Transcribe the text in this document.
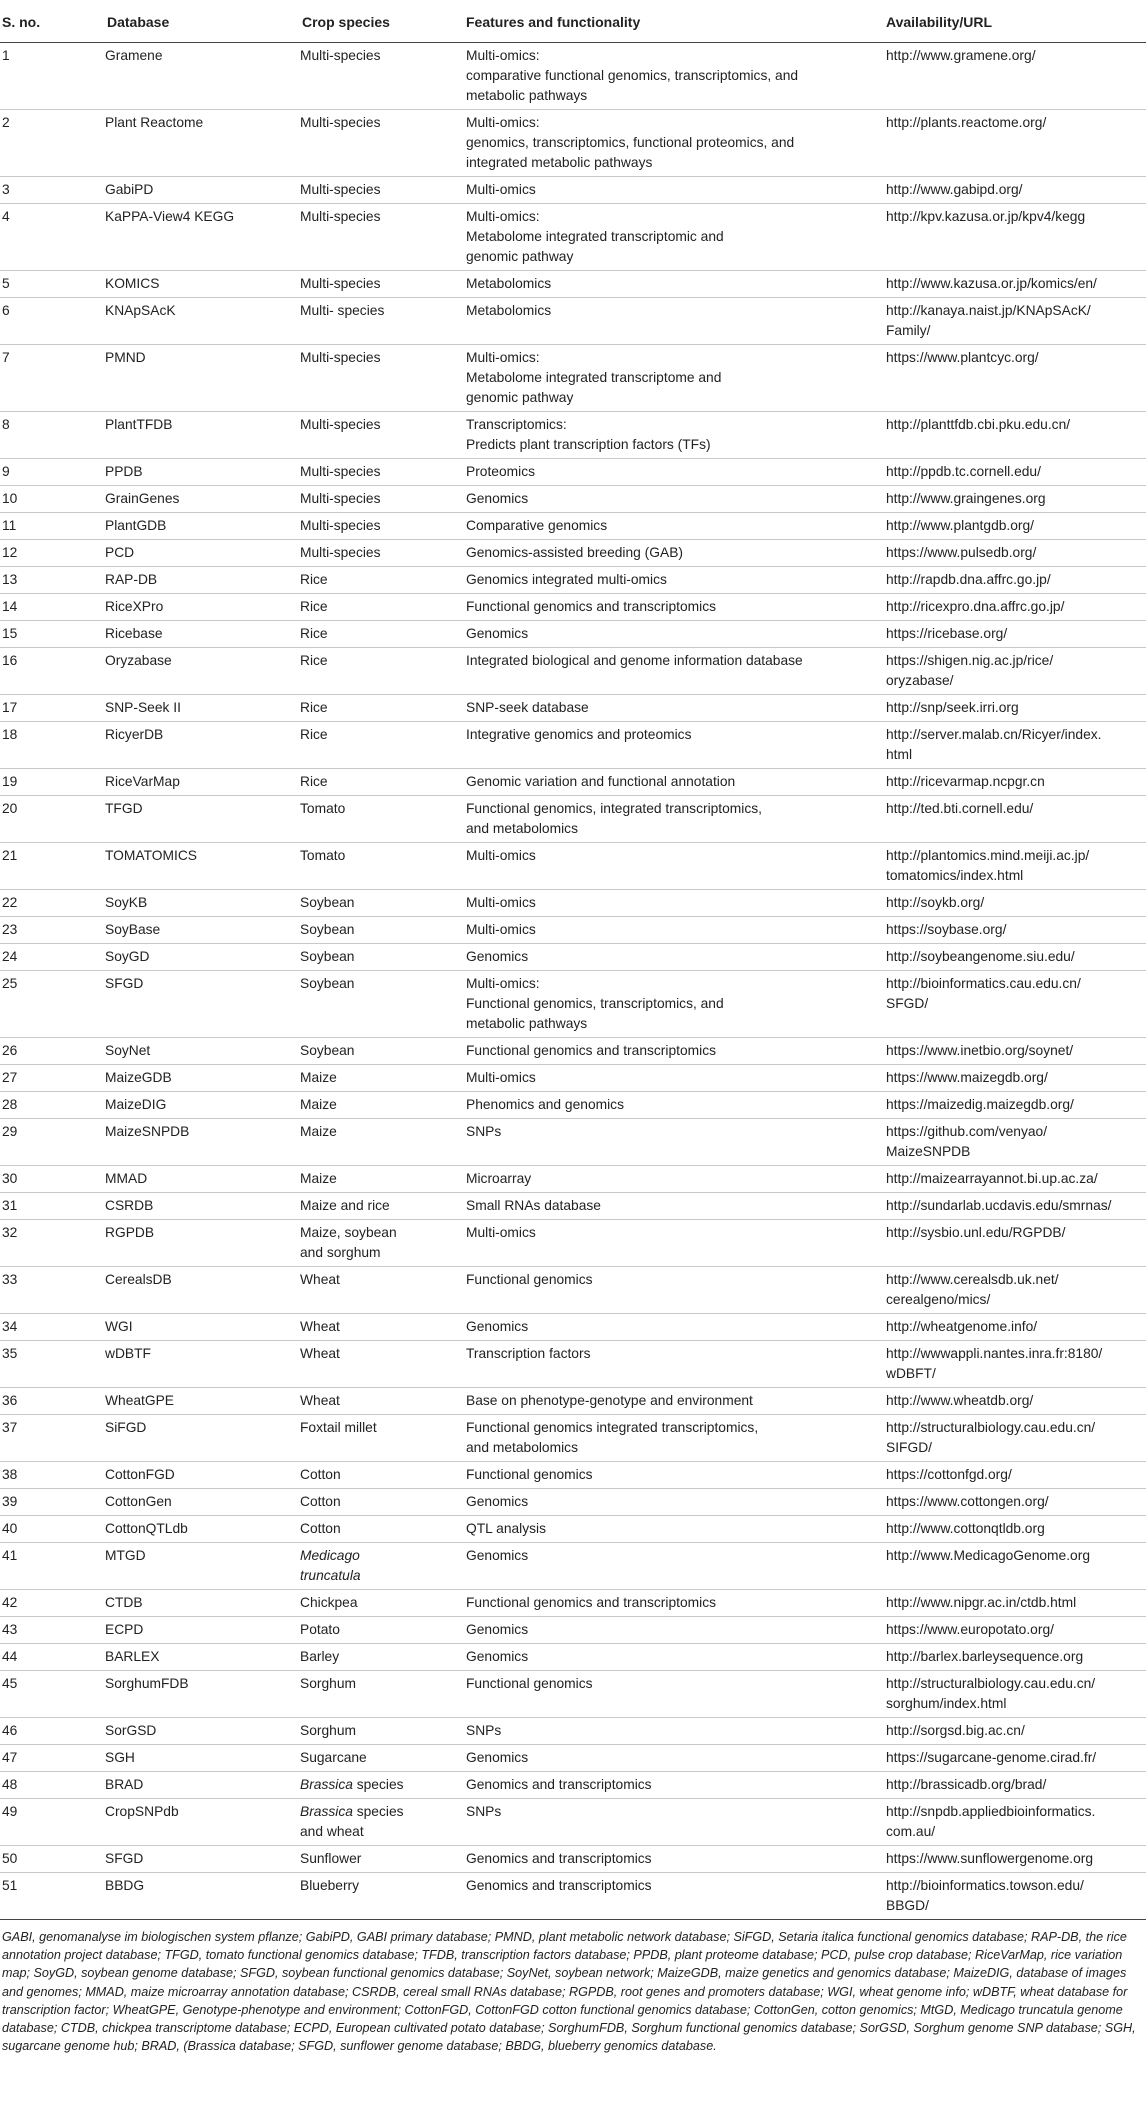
S. no.	Database	Crop species	Features and functionality	Availability/URL
1	Gramene	Multi-species	Multi-omics:
comparative functional genomics, transcriptomics, and
metabolic pathways	http://www.gramene.org/
2	Plant Reactome	Multi-species	Multi-omics:
genomics, transcriptomics, functional proteomics, and
integrated metabolic pathways	http://plants.reactome.org/
3	GabiPD	Multi-species	Multi-omics	http://www.gabipd.org/
4	KaPPA-View4 KEGG	Multi-species	Multi-omics:
Metabolome integrated transcriptomic and
genomic pathway	http://kpv.kazusa.or.jp/kpv4/kegg
5	KOMICS	Multi-species	Metabolomics	http://www.kazusa.or.jp/komics/en/
6	KNApSAcK	Multi- species	Metabolomics	http://kanaya.naist.jp/KNApSAcK/
Family/
7	PMND	Multi-species	Multi-omics:
Metabolome integrated transcriptome and
genomic pathway	https://www.plantcyc.org/
8	PlantTFDB	Multi-species	Transcriptomics:
Predicts plant transcription factors (TFs)	http://planttfdb.cbi.pku.edu.cn/
9	PPDB	Multi-species	Proteomics	http://ppdb.tc.cornell.edu/
10	GrainGenes	Multi-species	Genomics	http://www.graingenes.org
11	PlantGDB	Multi-species	Comparative genomics	http://www.plantgdb.org/
12	PCD	Multi-species	Genomics-assisted breeding (GAB)	https://www.pulsedb.org/
13	RAP-DB	Rice	Genomics integrated multi-omics	http://rapdb.dna.affrc.go.jp/
14	RiceXPro	Rice	Functional genomics and transcriptomics	http://ricexpro.dna.affrc.go.jp/
15	Ricebase	Rice	Genomics	https://ricebase.org/
16	Oryzabase	Rice	Integrated biological and genome information database	https://shigen.nig.ac.jp/rice/
oryzabase/
17	SNP-Seek II	Rice	SNP-seek database	http://snp/seek.irri.org
18	RicyerDB	Rice	Integrative genomics and proteomics	http://server.malab.cn/Ricyer/index.
html
19	RiceVarMap	Rice	Genomic variation and functional annotation	http://ricevarmap.ncpgr.cn
20	TFGD	Tomato	Functional genomics, integrated transcriptomics,
and metabolomics	http://ted.bti.cornell.edu/
21	TOMATOMICS	Tomato	Multi-omics	http://plantomics.mind.meiji.ac.jp/
tomatomics/index.html
22	SoyKB	Soybean	Multi-omics	http://soykb.org/
23	SoyBase	Soybean	Multi-omics	https://soybase.org/
24	SoyGD	Soybean	Genomics	http://soybeangenome.siu.edu/
25	SFGD	Soybean	Multi-omics:
Functional genomics, transcriptomics, and
metabolic pathways	http://bioinformatics.cau.edu.cn/
SFGD/
26	SoyNet	Soybean	Functional genomics and transcriptomics	https://www.inetbio.org/soynet/
27	MaizeGDB	Maize	Multi-omics	https://www.maizegdb.org/
28	MaizeDIG	Maize	Phenomics and genomics	https://maizedig.maizegdb.org/
29	MaizeSNPDB	Maize	SNPs	https://github.com/venyao/
MaizeSNPDB
30	MMAD	Maize	Microarray	http://maizearrayannot.bi.up.ac.za/
31	CSRDB	Maize and rice	Small RNAs database	http://sundarlab.ucdavis.edu/smrnas/
32	RGPDB	Maize, soybean
and sorghum	Multi-omics	http://sysbio.unl.edu/RGPDB/
33	CerealsDB	Wheat	Functional genomics	http://www.cerealsdb.uk.net/
cerealgeno/mics/
34	WGI	Wheat	Genomics	http://wheatgenome.info/
35	wDBTF	Wheat	Transcription factors	http://wwwappli.nantes.inra.fr:8180/
wDBFT/
36	WheatGPE	Wheat	Base on phenotype-genotype and environment	http://www.wheatdb.org/
37	SiFGD	Foxtail millet	Functional genomics integrated transcriptomics,
and metabolomics	http://structuralbiology.cau.edu.cn/
SIFGD/
38	CottonFGD	Cotton	Functional genomics	https://cottonfgd.org/
39	CottonGen	Cotton	Genomics	https://www.cottongen.org/
40	CottonQTLdb	Cotton	QTL analysis	http://www.cottonqtldb.org
41	MTGD	Medicago
truncatula	Genomics	http://www.MedicagoGenome.org
42	CTDB	Chickpea	Functional genomics and transcriptomics	http://www.nipgr.ac.in/ctdb.html
43	ECPD	Potato	Genomics	https://www.europotato.org/
44	BARLEX	Barley	Genomics	http://barlex.barleysequence.org
45	SorghumFDB	Sorghum	Functional genomics	http://structuralbiology.cau.edu.cn/
sorghum/index.html
46	SorGSD	Sorghum	SNPs	http://sorgsd.big.ac.cn/
47	SGH	Sugarcane	Genomics	https://sugarcane-genome.cirad.fr/
48	BRAD	Brassica species	Genomics and transcriptomics	http://brassicadb.org/brad/
49	CropSNPdb	Brassica species
and wheat	SNPs	http://snpdb.appliedbioinformatics.
com.au/
50	SFGD	Sunflower	Genomics and transcriptomics	https://www.sunflowergenome.org
51	BBDG	Blueberry	Genomics and transcriptomics	http://bioinformatics.towson.edu/
BBGD/
GABI, genomanalyse im biologischen system pflanze; GabiPD, GABI primary database; PMND, plant metabolic network database; SiFGD, Setaria italica functional genomics database; RAP-DB, the rice annotation project database; TFGD, tomato functional genomics database; TFDB, transcription factors database; PPDB, plant proteome database; PCD, pulse crop database; RiceVarMap, rice variation map; SoyGD, soybean genome database; SFGD, soybean functional genomics database; SoyNet, soybean network; MaizeGDB, maize genetics and genomics database; MaizeDIG, database of images and genomes; MMAD, maize microarray annotation database; CSRDB, cereal small RNAs database; RGPDB, root genes and promoters database; WGI, wheat genome info; wDBTF, wheat database for transcription factor; WheatGPE, Genotype-phenotype and environment; CottonFGD, CottonFGD cotton functional genomics database; CottonGen, cotton genomics; MtGD, Medicago truncatula genome database; CTDB, chickpea transcriptome database; ECPD, European cultivated potato database; SorghumFDB, Sorghum functional genomics database; SorGSD, Sorghum genome SNP database; SGH, sugarcane genome hub; BRAD, (Brassica database; SFGD, sunflower genome database; BBDG, blueberry genomics database.
